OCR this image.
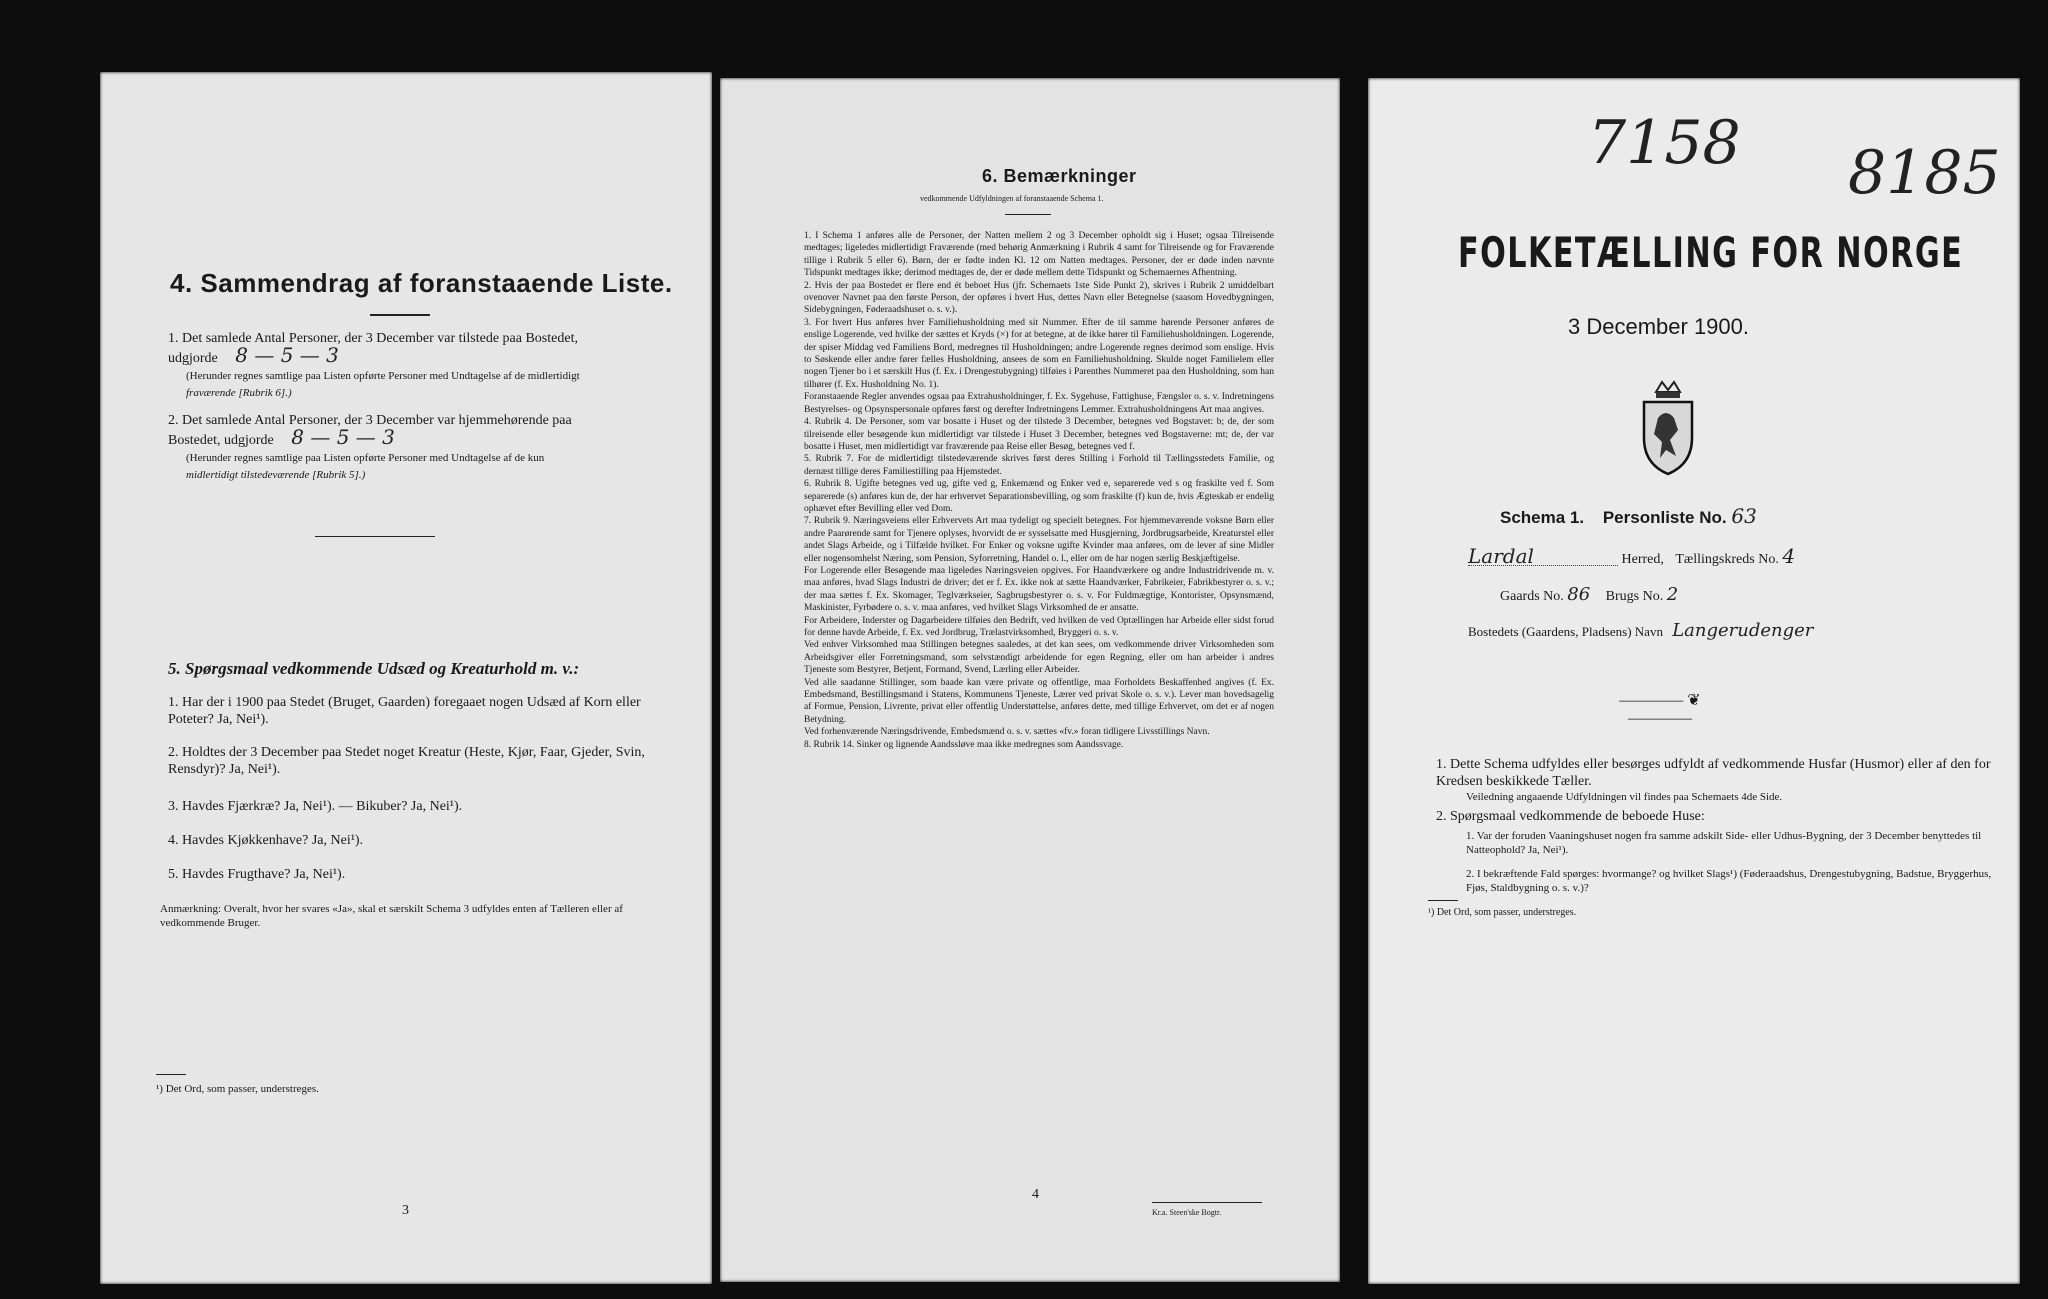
4. Sammendrag af foranstaaende Liste.
1. Det samlede Antal Personer, der 3 December var tilstede paa Bostedet,
udgjorde 8 — 5 — 3
(Herunder regnes samtlige paa Listen opførte Personer med Undtagelse af de midlertidigt
fraværende [Rubrik 6].)
2. Det samlede Antal Personer, der 3 December var hjemmehørende paa
Bostedet, udgjorde 8 — 5 — 3
(Herunder regnes samtlige paa Listen opførte Personer med Undtagelse af de kun
midlertidigt tilstedeværende [Rubrik 5].)
5. Spørgsmaal vedkommende Udsæd og Kreaturhold m. v.:
1. Har der i 1900 paa Stedet (Bruget, Gaarden) foregaaet nogen Udsæd af Korn eller Poteter? Ja, Nei¹).
2. Holdtes der 3 December paa Stedet noget Kreatur (Heste, Kjør, Faar, Gjeder, Svin, Rensdyr)? Ja, Nei¹).
3. Havdes Fjærkræ? Ja, Nei¹). — Bikuber? Ja, Nei¹).
4. Havdes Kjøkkenhave? Ja, Nei¹).
5. Havdes Frugthave? Ja, Nei¹).
Anmærkning: Overalt, hvor her svares «Ja», skal et særskilt Schema 3 udfyldes enten af Tælleren eller af vedkommende Bruger.
¹) Det Ord, som passer, understreges.
3
6. Bemærkninger
vedkommende Udfyldningen af foranstaaende Schema 1.
1. I Schema 1 anføres alle de Personer, der Natten mellem 2 og 3 December opholdt sig i Huset; ogsaa Tilreisende medtages; ligeledes midlertidigt Fraværende (med behørig Anmærkning i Rubrik 4 samt for Tilreisende og for Fraværende tillige i Rubrik 5 eller 6). Børn, der er fødte inden Kl. 12 om Natten medtages. Personer, der er døde inden nævnte Tidspunkt medtages ikke; derimod medtages de, der er døde mellem dette Tidspunkt og Schemaernes Afhentning.
2. Hvis der paa Bostedet er flere end ét beboet Hus (jfr. Schemaets 1ste Side Punkt 2), skrives i Rubrik 2 umiddelbart ovenover Navnet paa den første Person, der opføres i hvert Hus, dettes Navn eller Betegnelse (saasom Hovedbygningen, Sidebygningen, Føderaadshuset o. s. v.).
3. For hvert Hus anføres hver Familiehusholdning med sit Nummer. Efter de til samme hørende Personer anføres de enslige Logerende, ved hvilke der sættes et Kryds (×) for at betegne, at de ikke hører til Familiehusholdningen. Logerende, der spiser Middag ved Familiens Bord, medregnes til Husholdningen; andre Logerende regnes derimod som enslige. Hvis to Søskende eller andre fører fælles Husholdning, ansees de som en Familiehusholdning. Skulde noget Familielem eller nogen Tjener bo i et særskilt Hus (f. Ex. i Drengestubygning) tilføies i Parenthes Nummeret paa den Husholdning, som han tilhører (f. Ex. Husholdning No. 1).
Foranstaaende Regler anvendes ogsaa paa Extrahusholdninger, f. Ex. Sygehuse, Fattighuse, Fængsler o. s. v. Indretningens Bestyrelses- og Opsynspersonale opføres først og derefter Indretningens Lemmer. Extrahusholdningens Art maa angives.
4. Rubrik 4. De Personer, som var bosatte i Huset og der tilstede 3 December, betegnes ved Bogstavet: b; de, der som tilreisende eller besøgende kun midlertidigt var tilstede i Huset 3 December, betegnes ved Bogstaverne: mt; de, der var bosatte i Huset, men midlertidigt var fraværende paa Reise eller Besøg, betegnes ved f.
5. Rubrik 7. For de midlertidigt tilstedeværende skrives først deres Stilling i Forhold til Tællingsstedets Familie, og dernæst tillige deres Familiestilling paa Hjemstedet.
6. Rubrik 8. Ugifte betegnes ved ug, gifte ved g, Enkemænd og Enker ved e, separerede ved s og fraskilte ved f. Som separerede (s) anføres kun de, der har erhvervet Separationsbevilling, og som fraskilte (f) kun de, hvis Ægteskab er endelig ophævet efter Bevilling eller ved Dom.
7. Rubrik 9. Næringsveiens eller Erhvervets Art maa tydeligt og specielt betegnes. For hjemmeværende voksne Børn eller andre Paarørende samt for Tjenere oplyses, hvorvidt de er sysselsatte med Husgjerning, Jordbrugsarbeide, Kreaturstel eller andet Slags Arbeide, og i Tilfælde hvilket. For Enker og voksne ugifte Kvinder maa anføres, om de lever af sine Midler eller nogensomhelst Næring, som Pension, Syforretning, Handel o. l., eller om de har nogen særlig Beskjæftigelse.
For Logerende eller Besøgende maa ligeledes Næringsveien opgives. For Haandværkere og andre Industridrivende m. v. maa anføres, hvad Slags Industri de driver; det er f. Ex. ikke nok at sætte Haandværker, Fabrikeier, Fabrikbestyrer o. s. v.; der maa sættes f. Ex. Skomager, Teglværkseier, Sagbrugsbestyrer o. s. v. For Fuldmægtige, Kontorister, Opsynsmænd, Maskinister, Fyrbødere o. s. v. maa anføres, ved hvilket Slags Virksomhed de er ansatte.
For Arbeidere, Inderster og Dagarbeidere tilføies den Bedrift, ved hvilken de ved Optællingen har Arbeide eller sidst forud for denne havde Arbeide, f. Ex. ved Jordbrug, Trælastvirksomhed, Bryggeri o. s. v.
Ved enhver Virksomhed maa Stillingen betegnes saaledes, at det kan sees, om vedkommende driver Virksomheden som Arbeidsgiver eller Forretningsmand, som selvstændigt arbeidende for egen Regning, eller om han arbeider i andres Tjeneste som Bestyrer, Betjent, Formand, Svend, Lærling eller Arbeider.
Ved alle saadanne Stillinger, som baade kan være private og offentlige, maa Forholdets Beskaffenhed angives (f. Ex. Embedsmand, Bestillingsmand i Statens, Kommunens Tjeneste, Lærer ved privat Skole o. s. v.). Lever man hovedsagelig af Formue, Pension, Livrente, privat eller offentlig Understøttelse, anføres dette, med tillige Erhvervet, om det er af nogen Betydning.
Ved forhenværende Næringsdrivende, Embedsmænd o. s. v. sættes «fv.» foran tidligere Livsstillings Navn.
8. Rubrik 14. Sinker og lignende Aandssløve maa ikke medregnes som Aandssvage.
4
Kr.a. Steen'ske Bogtr.
7158 8185
FOLKETÆLLING FOR NORGE
3 December 1900.
Schema 1. Personliste No. 63
Lardal	Herred, Tællingskreds No. 4
Gaards No. 86 Brugs No. 2
Bostedets (Gaardens, Pladsens) Navn Langerudenger
———— ❦ ————
1. Dette Schema udfyldes eller besørges udfyldt af vedkommende Husfar (Husmor) eller af den for Kredsen beskikkede Tæller.
Veiledning angaaende Udfyldningen vil findes paa Schemaets 4de Side.
2. Spørgsmaal vedkommende de beboede Huse:
1. Var der foruden Vaaningshuset nogen fra samme adskilt Side- eller Udhus-Bygning, der 3 December benyttedes til Natteophold? Ja, Nei¹).
2. I bekræftende Fald spørges: hvormange? og hvilket Slags¹) (Føderaadshus, Drengestubygning, Badstue, Bryggerhus, Fjøs, Staldbygning o. s. v.)?
¹) Det Ord, som passer, understreges.
